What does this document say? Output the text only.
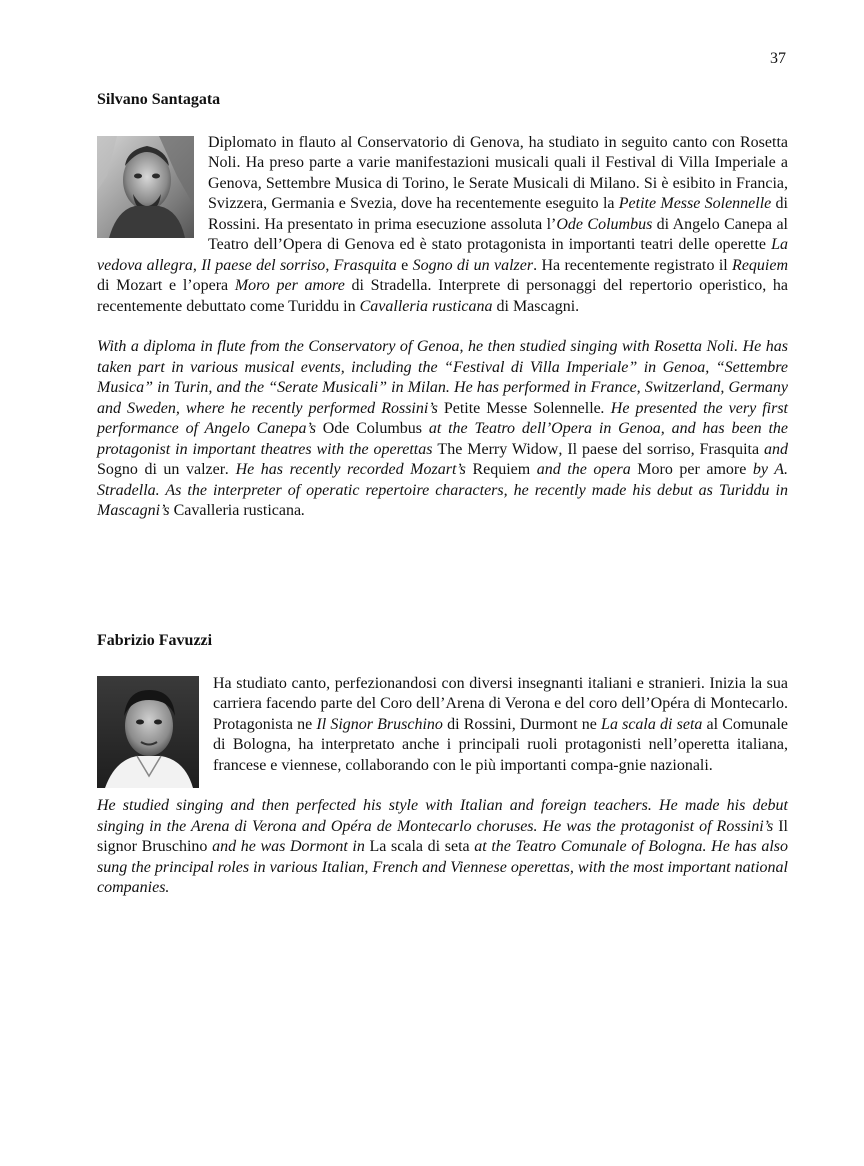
37
Silvano Santagata

Diplomato in flauto al Conservatorio di Genova, ha studiato in seguito canto con Rosetta Noli. Ha preso parte a varie manifestazioni musicali quali il Festival di Villa Imperiale a Genova, Settembre Musica di Torino, le Serate Musicali di Milano. Si è esibito in Francia, Svizzera, Germania e Svezia, dove ha recentemente eseguito la Petite Messe Solennelle di Rossini. Ha presentato in prima esecuzione assoluta l’Ode Columbus di Angelo Canepa al Teatro dell’Opera di Genova ed è stato protagonista in importanti teatri delle operette La vedova allegra, Il paese del sorriso, Frasquita e Sogno di un valzer. Ha recentemente registrato il Requiem di Mozart e l’opera Moro per amore di Stradella. Interprete di personaggi del repertorio operistico, ha recentemente debuttato come Turiddu in Cavalleria rusticana di Mascagni.

With a diploma in flute from the Conservatory of Genoa, he then studied singing with Rosetta Noli. He has taken part in various musical events, including the “Festival di Villa Imperiale” in Genoa, “Settembre Musica” in Turin, and the “Serate Musicali” in Milan. He has performed in France, Switzerland, Germany and Sweden, where he recently performed Rossini’s Petite Messe Solennelle. He presented the very first performance of Angelo Canepa’s Ode Columbus at the Teatro dell’Opera in Genoa, and has been the protagonist in important theatres with the operettas The Merry Widow, Il paese del sorriso, Frasquita and Sogno di un valzer. He has recently recorded Mozart’s Requiem and the opera Moro per amore by A. Stradella. As the interpreter of operatic repertoire characters, he recently made his debut as Turiddu in Mascagni’s Cavalleria rusticana.

Fabrizio Favuzzi

Ha studiato canto, perfezionandosi con diversi insegnanti italiani e stranieri. Inizia la sua carriera facendo parte del Coro dell’Arena di Verona e del coro dell’Opéra di Montecarlo. Protagonista ne Il Signor Bruschino di Rossini, Durmont ne La scala di seta al Comunale di Bologna, ha interpretato anche i principali ruoli protagonisti nell’operetta italiana, francese e viennese, collaborando con le più importanti compa-gnie nazionali.

He studied singing and then perfected his style with Italian and foreign teachers. He made his debut singing in the Arena di Verona and Opéra de Montecarlo choruses. He was the protagonist of Rossini’s Il signor Bruschino and he was Dormont in La scala di seta at the Teatro Comunale of Bologna. He has also sung the principal roles in various Italian, French and Viennese operettas, with the most important national companies.
